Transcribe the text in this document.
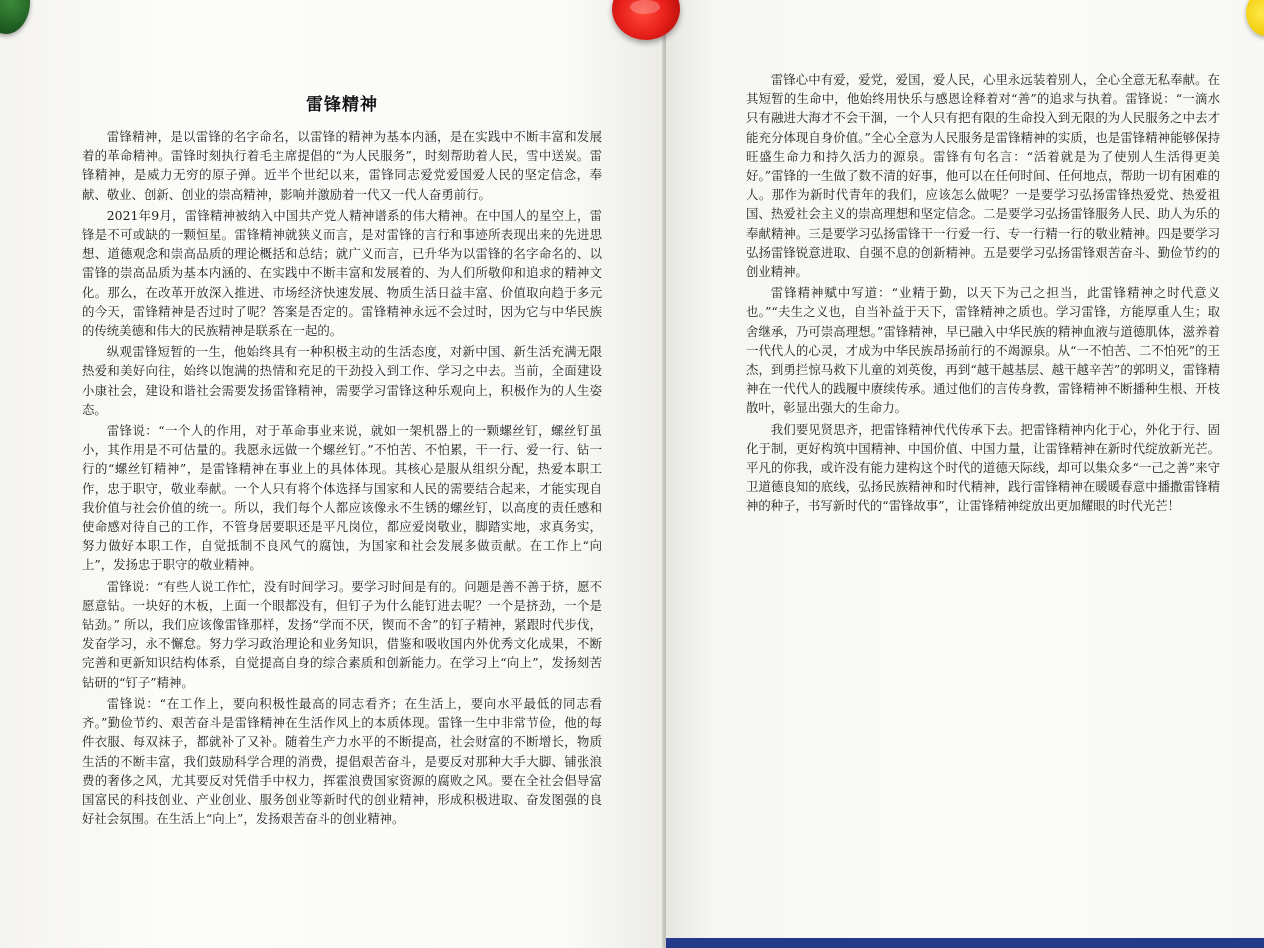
雷锋精神

雷锋精神，是以雷锋的名字命名，以雷锋的精神为基本内涵，是在实践中不断丰富和发展着的革命精神。雷锋时刻执行着毛主席提倡的“为人民服务”，时刻帮助着人民，雪中送炭。雷锋精神，是威力无穷的原子弹。近半个世纪以来，雷锋同志爱党爱国爱人民的坚定信念，奉献、敬业、创新、创业的崇高精神，影响并激励着一代又一代人奋勇前行。

2021年9月，雷锋精神被纳入中国共产党人精神谱系的伟大精神。在中国人的星空上，雷锋是不可或缺的一颗恒星。雷锋精神就狭义而言，是对雷锋的言行和事迹所表现出来的先进思想、道德观念和崇高品质的理论概括和总结；就广义而言，已升华为以雷锋的名字命名的、以雷锋的崇高品质为基本内涵的、在实践中不断丰富和发展着的、为人们所敬仰和追求的精神文化。那么，在改革开放深入推进、市场经济快速发展、物质生活日益丰富、价值取向趋于多元的今天，雷锋精神是否过时了呢？答案是否定的。雷锋精神永远不会过时，因为它与中华民族的传统美德和伟大的民族精神是联系在一起的。

纵观雷锋短暂的一生，他始终具有一种积极主动的生活态度，对新中国、新生活充满无限热爱和美好向往，始终以饱满的热情和充足的干劲投入到工作、学习之中去。当前，全面建设小康社会，建设和谐社会需要发扬雷锋精神，需要学习雷锋这种乐观向上，积极作为的人生姿态。

雷锋说：“一个人的作用，对于革命事业来说，就如一架机器上的一颗螺丝钉，螺丝钉虽小，其作用是不可估量的。我愿永远做一个螺丝钉。”不怕苦、不怕累，干一行、爱一行、钻一行的“螺丝钉精神”，是雷锋精神在事业上的具体体现。其核心是服从组织分配，热爱本职工作，忠于职守，敬业奉献。一个人只有将个体选择与国家和人民的需要结合起来，才能实现自我价值与社会价值的统一。所以，我们每个人都应该像永不生锈的螺丝钉，以高度的责任感和使命感对待自己的工作，不管身居要职还是平凡岗位，都应爱岗敬业，脚踏实地，求真务实，努力做好本职工作，自觉抵制不良风气的腐蚀，为国家和社会发展多做贡献。在工作上“向上”，发扬忠于职守的敬业精神。

雷锋说：“有些人说工作忙，没有时间学习。要学习时间是有的。问题是善不善于挤，愿不愿意钻。一块好的木板，上面一个眼都没有，但钉子为什么能钉进去呢？一个是挤劲，一个是钻劲。” 所以，我们应该像雷锋那样，发扬“学而不厌，锲而不舍”的钉子精神，紧跟时代步伐，发奋学习，永不懈怠。努力学习政治理论和业务知识，借鉴和吸收国内外优秀文化成果，不断完善和更新知识结构体系，自觉提高自身的综合素质和创新能力。在学习上“向上”，发扬刻苦钻研的“钉子”精神。

雷锋说：“在工作上，要向积极性最高的同志看齐；在生活上，要向水平最低的同志看齐。”勤俭节约、艰苦奋斗是雷锋精神在生活作风上的本质体现。雷锋一生中非常节俭，他的每件衣服、每双袜子，都就补了又补。随着生产力水平的不断提高，社会财富的不断增长，物质生活的不断丰富，我们鼓励科学合理的消费，提倡艰苦奋斗，是要反对那种大手大脚、铺张浪费的奢侈之风，尤其要反对凭借手中权力，挥霍浪费国家资源的腐败之风。要在全社会倡导富国富民的科技创业、产业创业、服务创业等新时代的创业精神，形成积极进取、奋发图强的良好社会氛围。在生活上“向上”，发扬艰苦奋斗的创业精神。

雷锋心中有爱，爱党，爱国，爱人民，心里永远装着别人，全心全意无私奉献。在其短暂的生命中，他始终用快乐与感恩诠释着对“善”的追求与执着。雷锋说：“一滴水只有融进大海才不会干涸，一个人只有把有限的生命投入到无限的为人民服务之中去才能充分体现自身价值。”全心全意为人民服务是雷锋精神的实质，也是雷锋精神能够保持旺盛生命力和持久活力的源泉。雷锋有句名言：“活着就是为了使别人生活得更美好。”雷锋的一生做了数不清的好事，他可以在任何时间、任何地点，帮助一切有困难的人。那作为新时代青年的我们，应该怎么做呢？一是要学习弘扬雷锋热爱党、热爱祖国、热爱社会主义的崇高理想和坚定信念。二是要学习弘扬雷锋服务人民、助人为乐的奉献精神。三是要学习弘扬雷锋干一行爱一行、专一行精一行的敬业精神。四是要学习弘扬雷锋锐意进取、自强不息的创新精神。五是要学习弘扬雷锋艰苦奋斗、勤俭节约的创业精神。

雷锋精神赋中写道：“业精于勤，以天下为己之担当，此雷锋精神之时代意义也。”“夫生之义也，自当补益于天下，雷锋精神之质也。学习雷锋，方能厚重人生；取舍继承，乃可崇高理想。”雷锋精神，早已融入中华民族的精神血液与道德肌体，滋养着一代代人的心灵，才成为中华民族昂扬前行的不竭源泉。从“一不怕苦、二不怕死”的王杰，到勇拦惊马救下儿童的刘英俊，再到“越干越基层、越干越辛苦”的郭明义，雷锋精神在一代代人的践履中赓续传承。通过他们的言传身教，雷锋精神不断播种生根、开枝散叶，彰显出强大的生命力。

我们要见贤思齐，把雷锋精神代代传承下去。把雷锋精神内化于心，外化于行、固化于制，更好构筑中国精神、中国价值、中国力量，让雷锋精神在新时代绽放新光芒。平凡的你我，或许没有能力建构这个时代的道德天际线，却可以集众多“一己之善”来守卫道德良知的底线，弘扬民族精神和时代精神，践行雷锋精神在暖暖春意中播撒雷锋精神的种子，书写新时代的“雷锋故事”，让雷锋精神绽放出更加耀眼的时代光芒！
